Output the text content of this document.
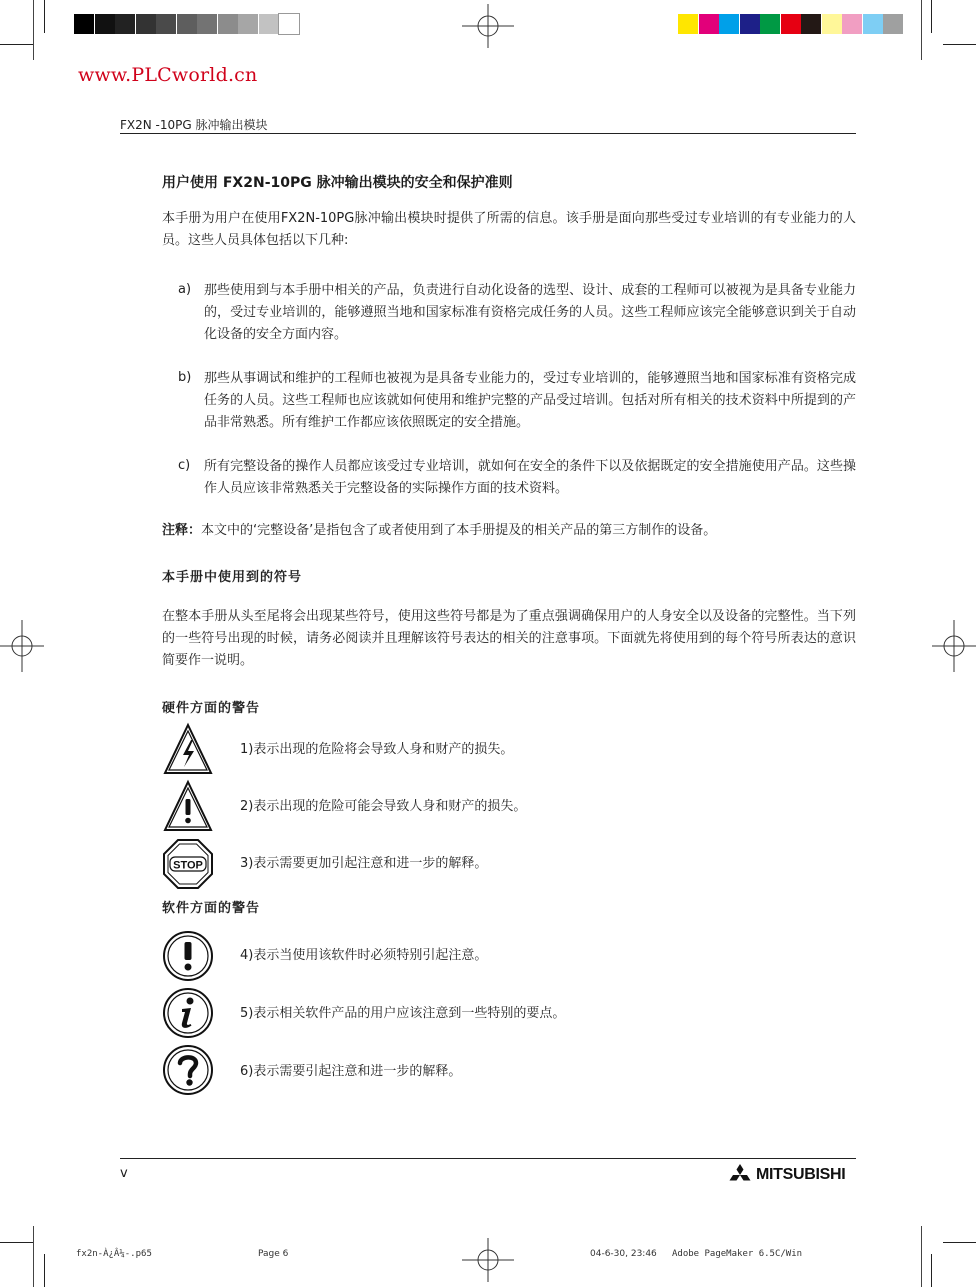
www.PLCworld.cn
FX2N -10PG 脉冲输出模块
用户使用 FX2N-10PG 脉冲输出模块的安全和保护准则
本手册为用户在使用FX2N-10PG脉冲输出模块时提供了所需的信息。该手册是面向那些受过专业培训的有专业能力的人员。这些人员具体包括以下几种:
a) 那些使用到与本手册中相关的产品，负责进行自动化设备的选型、设计、成套的工程师可以被视为是具备专业能力的，受过专业培训的，能够遵照当地和国家标准有资格完成任务的人员。这些工程师应该完全能够意识到关于自动化设备的安全方面内容。
b) 那些从事调试和维护的工程师也被视为是具备专业能力的，受过专业培训的，能够遵照当地和国家标准有资格完成任务的人员。这些工程师也应该就如何使用和维护完整的产品受过培训。包括对所有相关的技术资料中所提到的产品非常熟悉。所有维护工作都应该依照既定的安全措施。
c) 所有完整设备的操作人员都应该受过专业培训，就如何在安全的条件下以及依据既定的安全措施使用产品。这些操作人员应该非常熟悉关于完整设备的实际操作方面的技术资料。
注释：本文中的‘完整设备’是指包含了或者使用到了本手册提及的相关产品的第三方制作的设备。
本手册中使用到的符号
在整本手册从头至尾将会出现某些符号，使用这些符号都是为了重点强调确保用户的人身安全以及设备的完整性。当下列的一些符号出现的时候，请务必阅读并且理解该符号表达的相关的注意事项。下面就先将使用到的每个符号所表达的意识简要作一说明。
硬件方面的警告
1)表示出现的危险将会导致人身和财产的损失。
2)表示出现的危险可能会导致人身和财产的损失。
STOP	3)表示需要更加引起注意和进一步的解释。
软件方面的警告
4)表示当使用该软件时必须特别引起注意。
5)表示相关软件产品的用户应该注意到一些特别的要点。
6)表示需要引起注意和进一步的解释。
v	MITSUBISHI
fx2n-À¿Â¼-.p65	Page 6	04-6-30, 23:46 Adobe PageMaker 6.5C/Win
